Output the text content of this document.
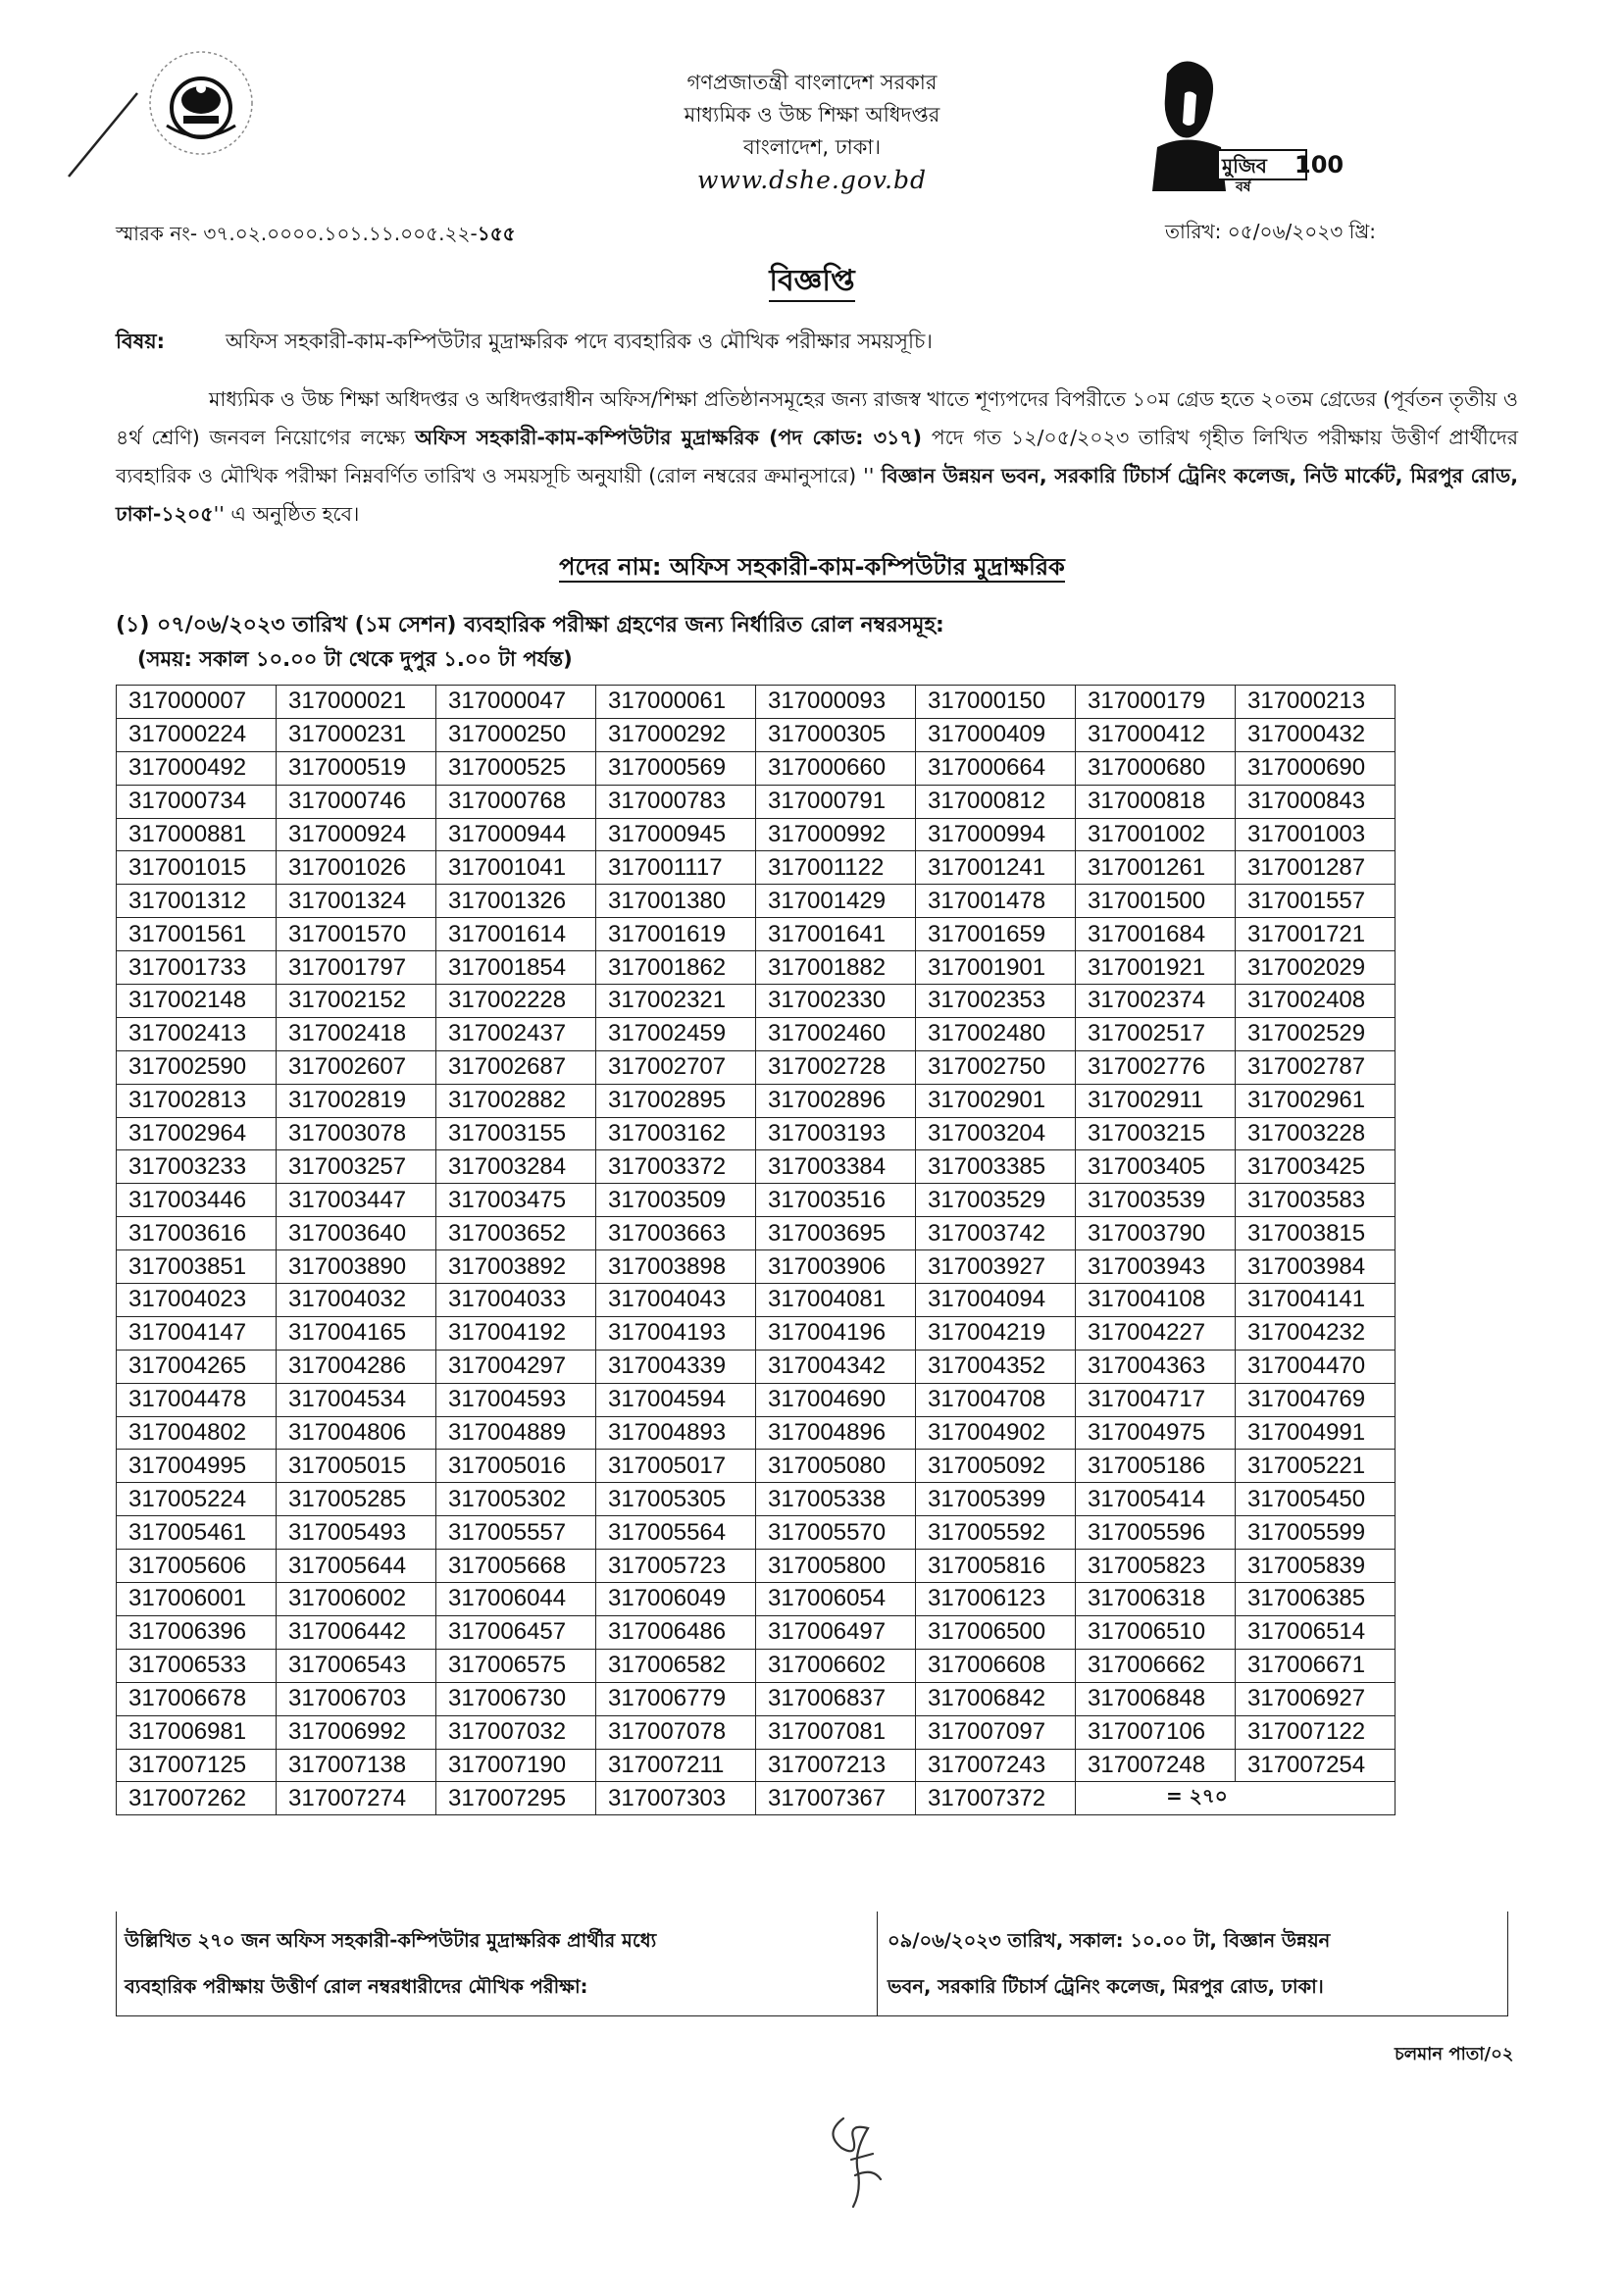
গণপ্রজাতন্ত্রী বাংলাদেশ সরকার
মাধ্যমিক ও উচ্চ শিক্ষা অধিদপ্তর
বাংলাদেশ, ঢাকা।
www.dshe.gov.bd	মুজিব 100
বর্ষ
স্মারক নং- ৩৭.০২.০০০০.১০১.১১.০০৫.২২-১৫৫	তারিখ: ০৫/০৬/২০২৩ খ্রি:
বিজ্ঞপ্তি
বিষয়:	অফিস সহকারী-কাম-কম্পিউটার মুদ্রাক্ষরিক পদে ব্যবহারিক ও মৌখিক পরীক্ষার সময়সূচি।
মাধ্যমিক ও উচ্চ শিক্ষা অধিদপ্তর ও অধিদপ্তরাধীন অফিস/শিক্ষা প্রতিষ্ঠানসমূহের জন্য রাজস্ব খাতে শূণ্যপদের বিপরীতে ১০ম গ্রেড হতে ২০তম গ্রেডের (পূর্বতন তৃতীয় ও ৪র্থ শ্রেণি) জনবল নিয়োগের লক্ষ্যে অফিস সহকারী-কাম-কম্পিউটার মুদ্রাক্ষরিক (পদ কোড: ৩১৭) পদে গত ১২/০৫/২০২৩ তারিখ গৃহীত লিখিত পরীক্ষায় উত্তীর্ণ প্রার্থীদের ব্যবহারিক ও মৌখিক পরীক্ষা নিম্নবর্ণিত তারিখ ও সময়সূচি অনুযায়ী (রোল নম্বরের ক্রমানুসারে) '' বিজ্ঞান উন্নয়ন ভবন, সরকারি টিচার্স ট্রেনিং কলেজ, নিউ মার্কেট, মিরপুর রোড, ঢাকা-১২০৫'' এ অনুষ্ঠিত হবে।
পদের নাম: অফিস সহকারী-কাম-কম্পিউটার মুদ্রাক্ষরিক
(১) ০৭/০৬/২০২৩ তারিখ (১ম সেশন) ব্যবহারিক পরীক্ষা গ্রহণের জন্য নির্ধারিত রোল নম্বরসমূহ:
(সময়: সকাল ১০.০০ টা থেকে দুপুর ১.০০ টা পর্যন্ত)
317000007	317000021	317000047	317000061	317000093	317000150	317000179	317000213
317000224	317000231	317000250	317000292	317000305	317000409	317000412	317000432
317000492	317000519	317000525	317000569	317000660	317000664	317000680	317000690
317000734	317000746	317000768	317000783	317000791	317000812	317000818	317000843
317000881	317000924	317000944	317000945	317000992	317000994	317001002	317001003
317001015	317001026	317001041	317001117	317001122	317001241	317001261	317001287
317001312	317001324	317001326	317001380	317001429	317001478	317001500	317001557
317001561	317001570	317001614	317001619	317001641	317001659	317001684	317001721
317001733	317001797	317001854	317001862	317001882	317001901	317001921	317002029
317002148	317002152	317002228	317002321	317002330	317002353	317002374	317002408
317002413	317002418	317002437	317002459	317002460	317002480	317002517	317002529
317002590	317002607	317002687	317002707	317002728	317002750	317002776	317002787
317002813	317002819	317002882	317002895	317002896	317002901	317002911	317002961
317002964	317003078	317003155	317003162	317003193	317003204	317003215	317003228
317003233	317003257	317003284	317003372	317003384	317003385	317003405	317003425
317003446	317003447	317003475	317003509	317003516	317003529	317003539	317003583
317003616	317003640	317003652	317003663	317003695	317003742	317003790	317003815
317003851	317003890	317003892	317003898	317003906	317003927	317003943	317003984
317004023	317004032	317004033	317004043	317004081	317004094	317004108	317004141
317004147	317004165	317004192	317004193	317004196	317004219	317004227	317004232
317004265	317004286	317004297	317004339	317004342	317004352	317004363	317004470
317004478	317004534	317004593	317004594	317004690	317004708	317004717	317004769
317004802	317004806	317004889	317004893	317004896	317004902	317004975	317004991
317004995	317005015	317005016	317005017	317005080	317005092	317005186	317005221
317005224	317005285	317005302	317005305	317005338	317005399	317005414	317005450
317005461	317005493	317005557	317005564	317005570	317005592	317005596	317005599
317005606	317005644	317005668	317005723	317005800	317005816	317005823	317005839
317006001	317006002	317006044	317006049	317006054	317006123	317006318	317006385
317006396	317006442	317006457	317006486	317006497	317006500	317006510	317006514
317006533	317006543	317006575	317006582	317006602	317006608	317006662	317006671
317006678	317006703	317006730	317006779	317006837	317006842	317006848	317006927
317006981	317006992	317007032	317007078	317007081	317007097	317007106	317007122
317007125	317007138	317007190	317007211	317007213	317007243	317007248	317007254
317007262	317007274	317007295	317007303	317007367	317007372	= ২৭০	
উল্লিখিত ২৭০ জন অফিস সহকারী-কম্পিউটার মুদ্রাক্ষরিক প্রার্থীর মধ্যে
ব্যবহারিক পরীক্ষায় উত্তীর্ণ রোল নম্বরধারীদের মৌখিক পরীক্ষা:
০৯/০৬/২০২৩ তারিখ, সকাল: ১০.০০ টা, বিজ্ঞান উন্নয়ন
ভবন, সরকারি টিচার্স ট্রেনিং কলেজ, মিরপুর রোড, ঢাকা।
চলমান পাতা/০২
